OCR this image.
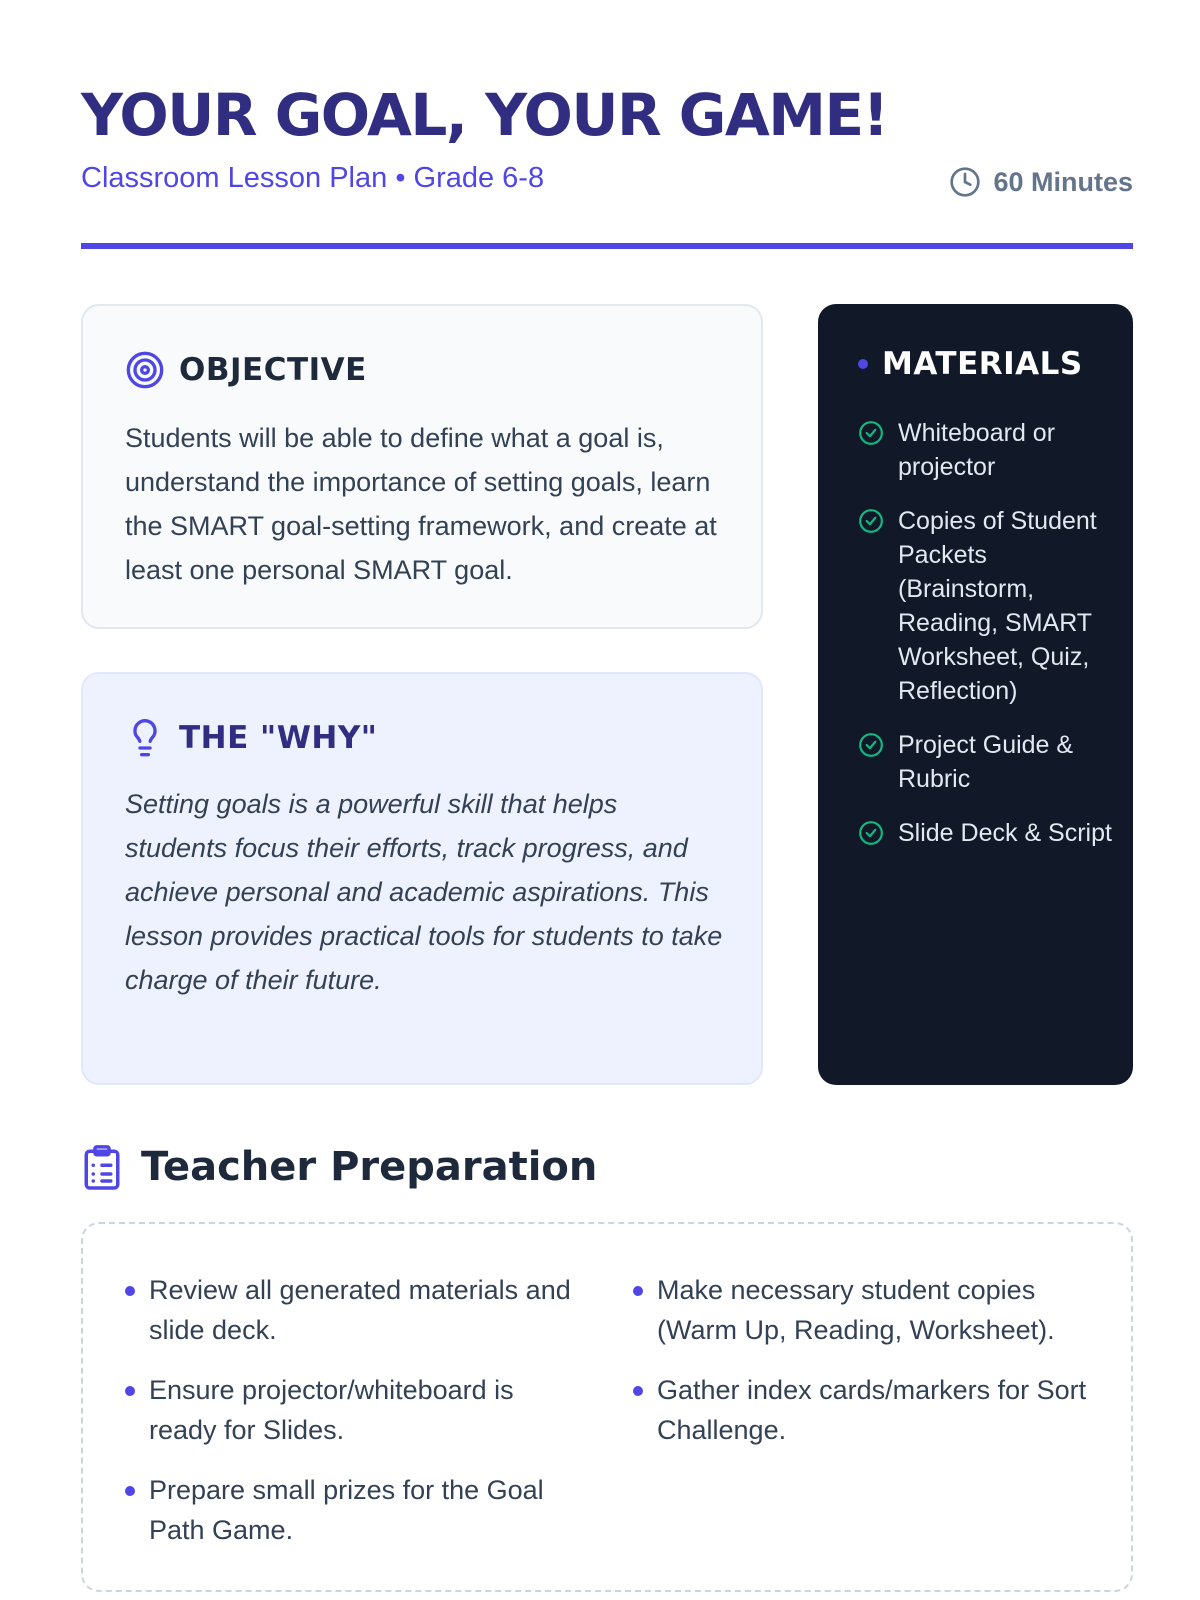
YOUR GOAL, YOUR GAME!
Classroom Lesson Plan • Grade 6-8	60 Minutes
OBJECTIVE

Students will be able to define what a goal is, understand the importance of setting goals, learn the SMART goal-setting framework, and create at least one personal SMART goal.

THE "WHY"

Setting goals is a powerful skill that helps students focus their efforts, track progress, and achieve personal and academic aspirations. This lesson provides practical tools for students to take charge of their future.

MATERIALS
Whiteboard or projector
Copies of Student Packets (Brainstorm, Reading, SMART Worksheet, Quiz, Reflection)
Project Guide & Rubric
Slide Deck & Script
Teacher Preparation
Review all generated materials and slide deck.
Ensure projector/whiteboard is ready for Slides.
Prepare small prizes for the Goal Path Game.
Make necessary student copies (Warm Up, Reading, Worksheet).
Gather index cards/markers for Sort Challenge.
